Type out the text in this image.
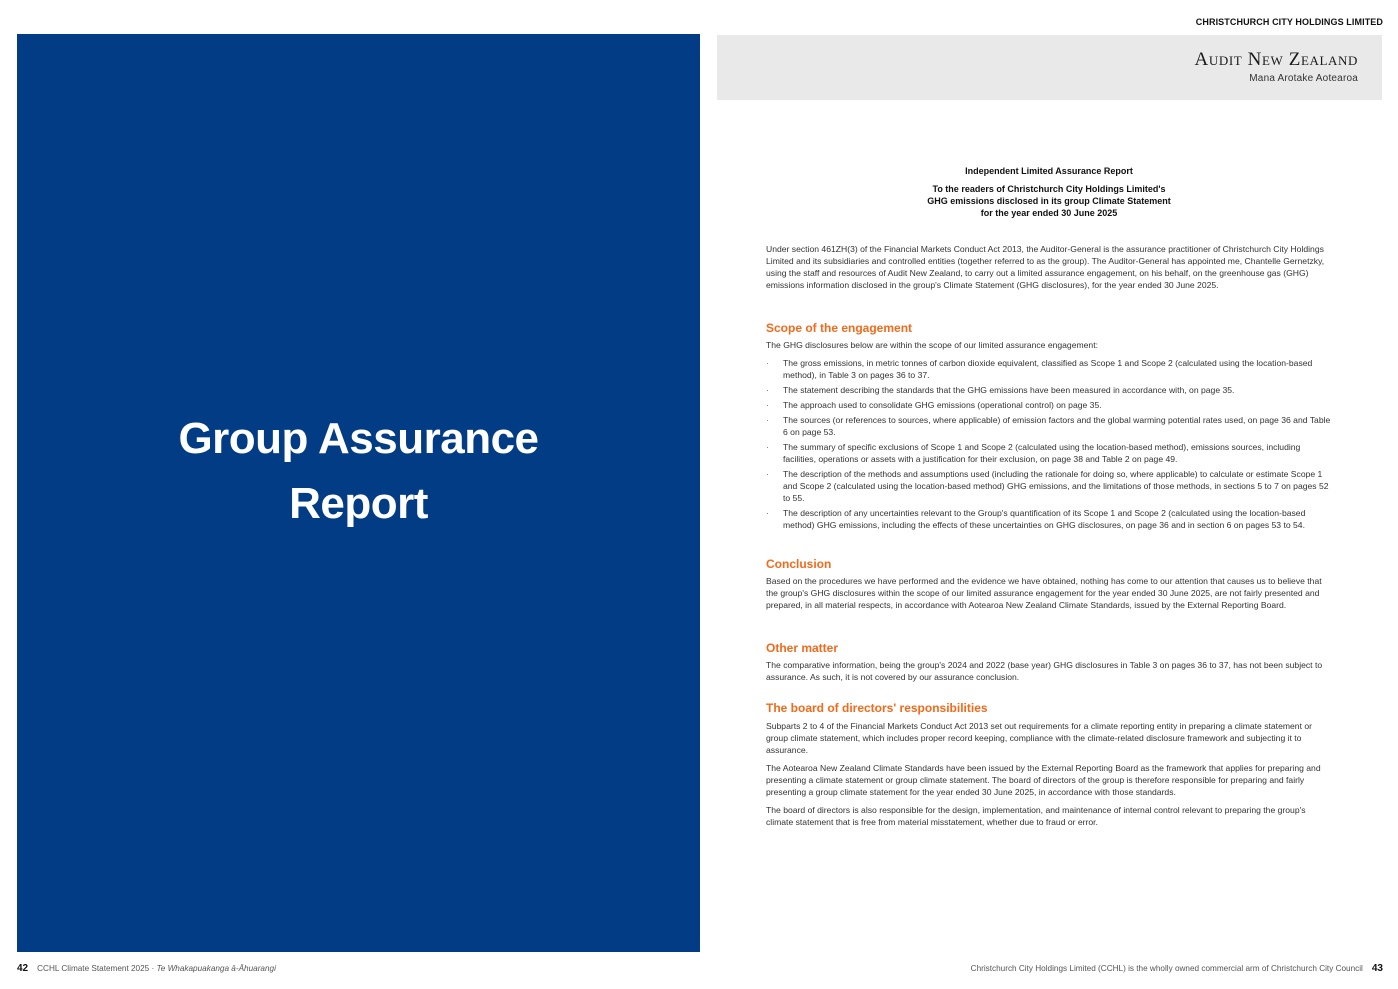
Group Assurance
Report
CHRISTCHURCH CITY HOLDINGS LIMITED
Audit New Zealand
Mana Arotake Aotearoa
Independent Limited Assurance Report
To the readers of Christchurch City Holdings Limited's
GHG emissions disclosed in its group Climate Statement
for the year ended 30 June 2025

Under section 461ZH(3) of the Financial Markets Conduct Act 2013, the Auditor-General is the assurance practitioner of Christchurch City Holdings Limited and its subsidiaries and controlled entities (together referred to as the group). The Auditor-General has appointed me, Chantelle Gernetzky, using the staff and resources of Audit New Zealand, to carry out a limited assurance engagement, on his behalf, on the greenhouse gas (GHG) emissions information disclosed in the group's Climate Statement (GHG disclosures), for the year ended 30 June 2025.

Scope of the engagement

The GHG disclosures below are within the scope of our limited assurance engagement:

· The gross emissions, in metric tonnes of carbon dioxide equivalent, classified as Scope 1 and Scope 2 (calculated using the location-based method), in Table 3 on pages 36 to 37.
· The statement describing the standards that the GHG emissions have been measured in accordance with, on page 35.
· The approach used to consolidate GHG emissions (operational control) on page 35.
· The sources (or references to sources, where applicable) of emission factors and the global warming potential rates used, on page 36 and Table 6 on page 53.
· The summary of specific exclusions of Scope 1 and Scope 2 (calculated using the location-based method), emissions sources, including facilities, operations or assets with a justification for their exclusion, on page 38 and Table 2 on page 49.
· The description of the methods and assumptions used (including the rationale for doing so, where applicable) to calculate or estimate Scope 1 and Scope 2 (calculated using the location-based method) GHG emissions, and the limitations of those methods, in sections 5 to 7 on pages 52 to 55.
· The description of any uncertainties relevant to the Group's quantification of its Scope 1 and Scope 2 (calculated using the location-based method) GHG emissions, including the effects of these uncertainties on GHG disclosures, on page 36 and in section 6 on pages 53 to 54.
Conclusion

Based on the procedures we have performed and the evidence we have obtained, nothing has come to our attention that causes us to believe that the group's GHG disclosures within the scope of our limited assurance engagement for the year ended 30 June 2025, are not fairly presented and prepared, in all material respects, in accordance with Aotearoa New Zealand Climate Standards, issued by the External Reporting Board.

Other matter

The comparative information, being the group's 2024 and 2022 (base year) GHG disclosures in Table 3 on pages 36 to 37, has not been subject to assurance. As such, it is not covered by our assurance conclusion.

The board of directors' responsibilities

Subparts 2 to 4 of the Financial Markets Conduct Act 2013 set out requirements for a climate reporting entity in preparing a climate statement or group climate statement, which includes proper record keeping, compliance with the climate-related disclosure framework and subjecting it to assurance.

The Aotearoa New Zealand Climate Standards have been issued by the External Reporting Board as the framework that applies for preparing and presenting a climate statement or group climate statement. The board of directors of the group is therefore responsible for preparing and fairly presenting a group climate statement for the year ended 30 June 2025, in accordance with those standards.

The board of directors is also responsible for the design, implementation, and maintenance of internal control relevant to preparing the group's climate statement that is free from material misstatement, whether due to fraud or error.

42 CCHL Climate Statement 2025 · Te Whakapuakanga ā-Āhuarangi	Christchurch City Holdings Limited (CCHL) is the wholly owned commercial arm of Christchurch City Council 43
